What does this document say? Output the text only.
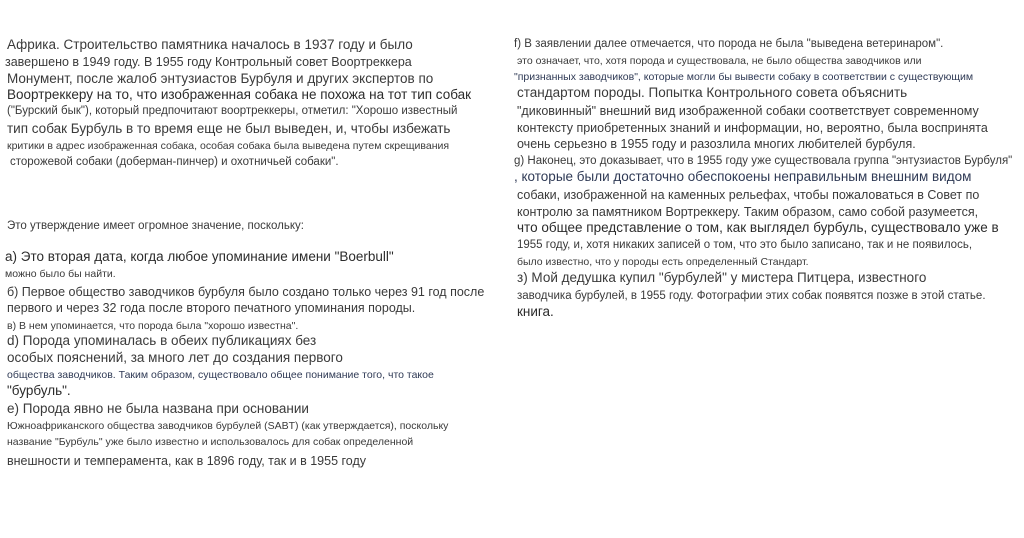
Африка. Строительство памятника началось в 1937 году и было
завершено в 1949 году. В 1955 году Контрольный совет Воортреккера
Монумент, после жалоб энтузиастов Бурбуля и других экспертов по
Воортреккеру на то, что изображенная собака не похожа на тот тип собак
("Бурский бык"), который предпочитают воортреккеры, отметил: "Хорошо известный
тип собак Бурбуль в то время еще не был выведен, и, чтобы избежать
критики в адрес изображенная собака, особая собака была выведена путем скрещивания
сторожевой собаки (доберман-пинчер) и охотничьей собаки".
Это утверждение имеет огромное значение, поскольку:
а) Это вторая дата, когда любое упоминание имени "Boerbull"
можно было бы найти.
б) Первое общество заводчиков бурбуля было создано только через 91 год после
первого и через 32 года после второго печатного упоминания породы.
в) В нем упоминается, что порода была "хорошо известна".
d) Порода упоминалась в обеих публикациях без
особых пояснений, за много лет до создания первого
общества заводчиков. Таким образом, существовало общее понимание того, что такое
"бурбуль".
е) Порода явно не была названа при основании
Южноафриканского общества заводчиков бурбулей (SABT) (как утверждается), поскольку
название "Бурбуль" уже было известно и использовалось для собак определенной
внешности и темперамента, как в 1896 году, так и в 1955 году
f) В заявлении далее отмечается, что порода не была "выведена ветеринаром".
это означает, что, хотя порода и существовала, не было общества заводчиков или
"признанных заводчиков", которые могли бы вывести собаку в соответствии с существующим
стандартом породы. Попытка Контрольного совета объяснить
"диковинный" внешний вид изображенной собаки соответствует современному
контексту приобретенных знаний и информации, но, вероятно, была воспринята
очень серьезно в 1955 году и разозлила многих любителей бурбуля.
g) Наконец, это доказывает, что в 1955 году уже существовала группа "энтузиастов Бурбуля"
, которые были достаточно обеспокоены неправильным внешним видом
собаки, изображенной на каменных рельефах, чтобы пожаловаться в Совет по
контролю за памятником Вортреккеру. Таким образом, само собой разумеется,
что общее представление о том, как выглядел бурбуль, существовало уже в
1955 году, и, хотя никаких записей о том, что это было записано, так и не появилось,
было известно, что у породы есть определенный Стандарт.
з) Мой дедушка купил "бурбулей" у мистера Питцера, известного
заводчика бурбулей, в 1955 году. Фотографии этих собак появятся позже в этой статье.
книга.
